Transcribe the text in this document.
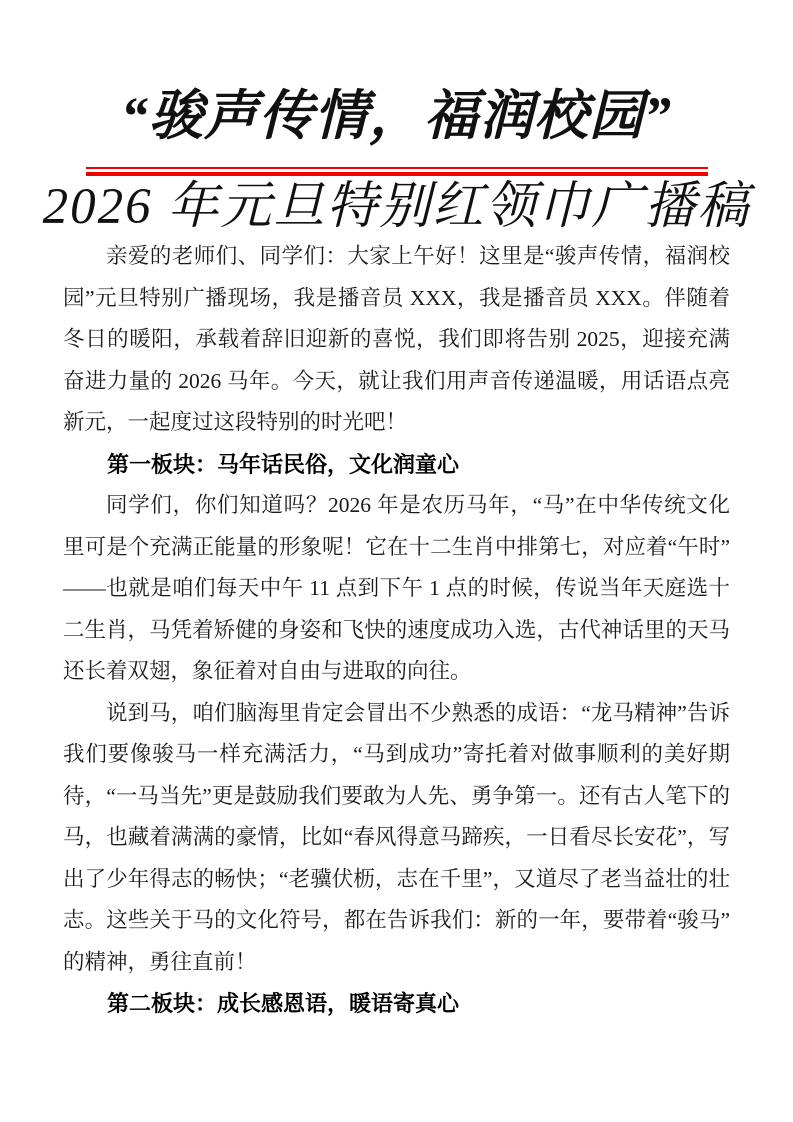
“骏声传情，福润校园”
2026 年元旦特别红领巾广播稿

亲爱的老师们、同学们：大家上午好！这里是“骏声传情，福润校园”元旦特别广播现场，我是播音员 XXX，我是播音员 XXX。伴随着冬日的暖阳，承载着辞旧迎新的喜悦，我们即将告别 2025，迎接充满奋进力量的 2026 马年。今天，就让我们用声音传递温暖，用话语点亮新元，一起度过这段特别的时光吧！

第一板块：马年话民俗，文化润童心

同学们，你们知道吗？2026 年是农历马年，“马”在中华传统文化里可是个充满正能量的形象呢！它在十二生肖中排第七，对应着“午时”——也就是咱们每天中午 11 点到下午 1 点的时候，传说当年天庭选十二生肖，马凭着矫健的身姿和飞快的速度成功入选，古代神话里的天马还长着双翅，象征着对自由与进取的向往。

说到马，咱们脑海里肯定会冒出不少熟悉的成语：“龙马精神”告诉我们要像骏马一样充满活力，“马到成功”寄托着对做事顺利的美好期待，“一马当先”更是鼓励我们要敢为人先、勇争第一。还有古人笔下的马，也藏着满满的豪情，比如“春风得意马蹄疾，一日看尽长安花”，写出了少年得志的畅快；“老骥伏枥，志在千里”，又道尽了老当益壮的壮志。这些关于马的文化符号，都在告诉我们：新的一年，要带着“骏马”的精神，勇往直前！

第二板块：成长感恩语，暖语寄真心
